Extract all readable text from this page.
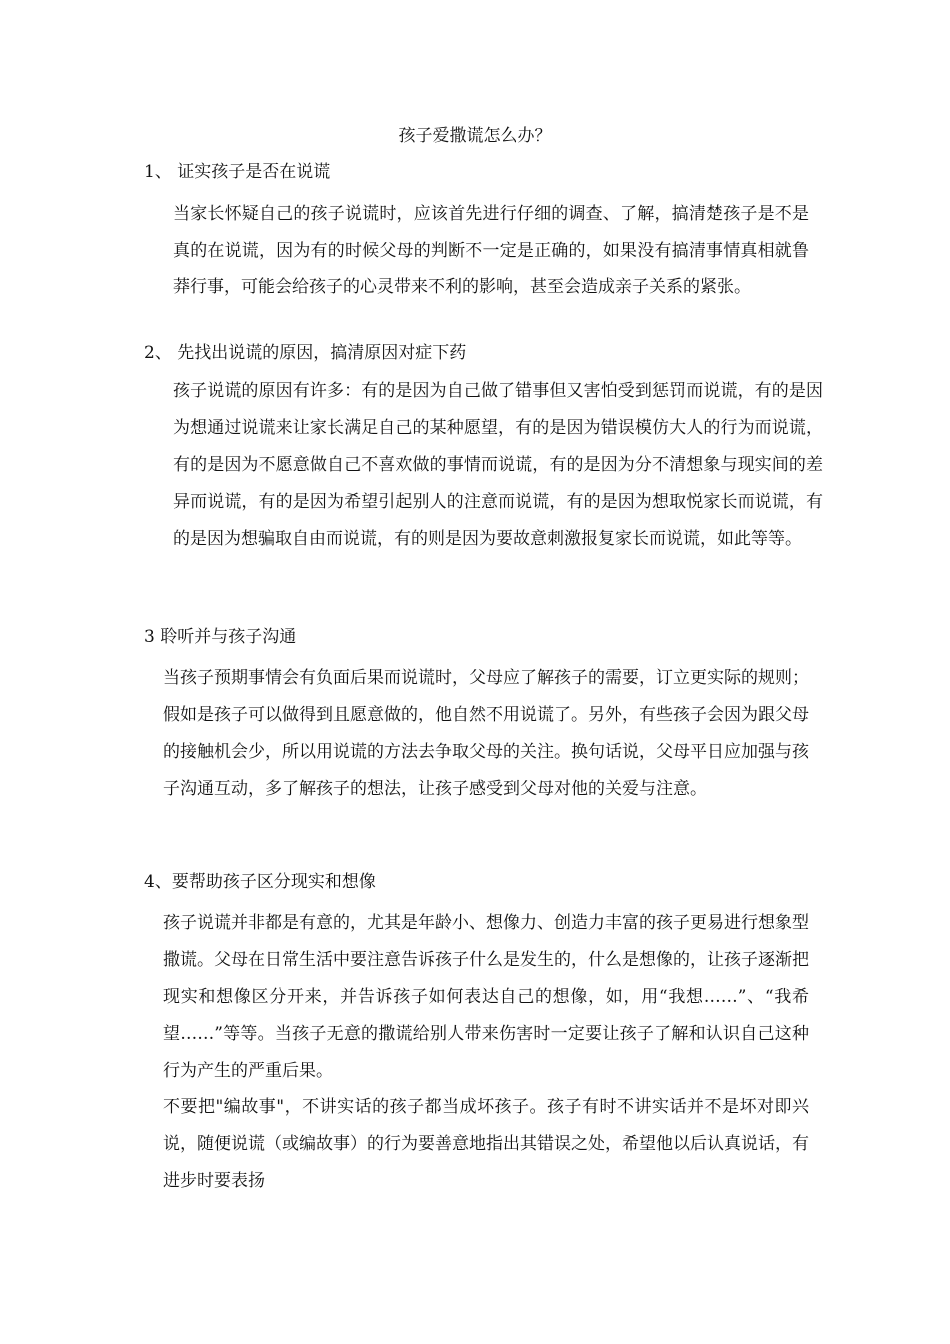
孩子爱撒谎怎么办？
1、 证实孩子是否在说谎

当家长怀疑自己的孩子说谎时，应该首先进行仔细的调查、了解，搞清楚孩子是不是真的在说谎，因为有的时候父母的判断不一定是正确的，如果没有搞清事情真相就鲁莽行事，可能会给孩子的心灵带来不利的影响，甚至会造成亲子关系的紧张。

2、 先找出说谎的原因，搞清原因对症下药

孩子说谎的原因有许多：有的是因为自己做了错事但又害怕受到惩罚而说谎，有的是因为想通过说谎来让家长满足自己的某种愿望，有的是因为错误模仿大人的行为而说谎，有的是因为不愿意做自己不喜欢做的事情而说谎，有的是因为分不清想象与现实间的差异而说谎，有的是因为希望引起别人的注意而说谎，有的是因为想取悦家长而说谎，有的是因为想骗取自由而说谎，有的则是因为要故意刺激报复家长而说谎，如此等等。

3 聆听并与孩子沟通

当孩子预期事情会有负面后果而说谎时，父母应了解孩子的需要，订立更实际的规则；假如是孩子可以做得到且愿意做的，他自然不用说谎了。另外，有些孩子会因为跟父母的接触机会少，所以用说谎的方法去争取父母的关注。换句话说，父母平日应加强与孩子沟通互动，多了解孩子的想法，让孩子感受到父母对他的关爱与注意。

4、要帮助孩子区分现实和想像

孩子说谎并非都是有意的，尤其是年龄小、想像力、创造力丰富的孩子更易进行想象型撒谎。父母在日常生活中要注意告诉孩子什么是发生的，什么是想像的，让孩子逐渐把现实和想像区分开来，并告诉孩子如何表达自己的想像，如，用“我想……”、“我希望……”等等。当孩子无意的撒谎给别人带来伤害时一定要让孩子了解和认识自己这种行为产生的严重后果。

不要把"编故事"，不讲实话的孩子都当成坏孩子。孩子有时不讲实话并不是坏对即兴说，随便说谎（或编故事）的行为要善意地指出其错误之处，希望他以后认真说话，有进步时要表扬
